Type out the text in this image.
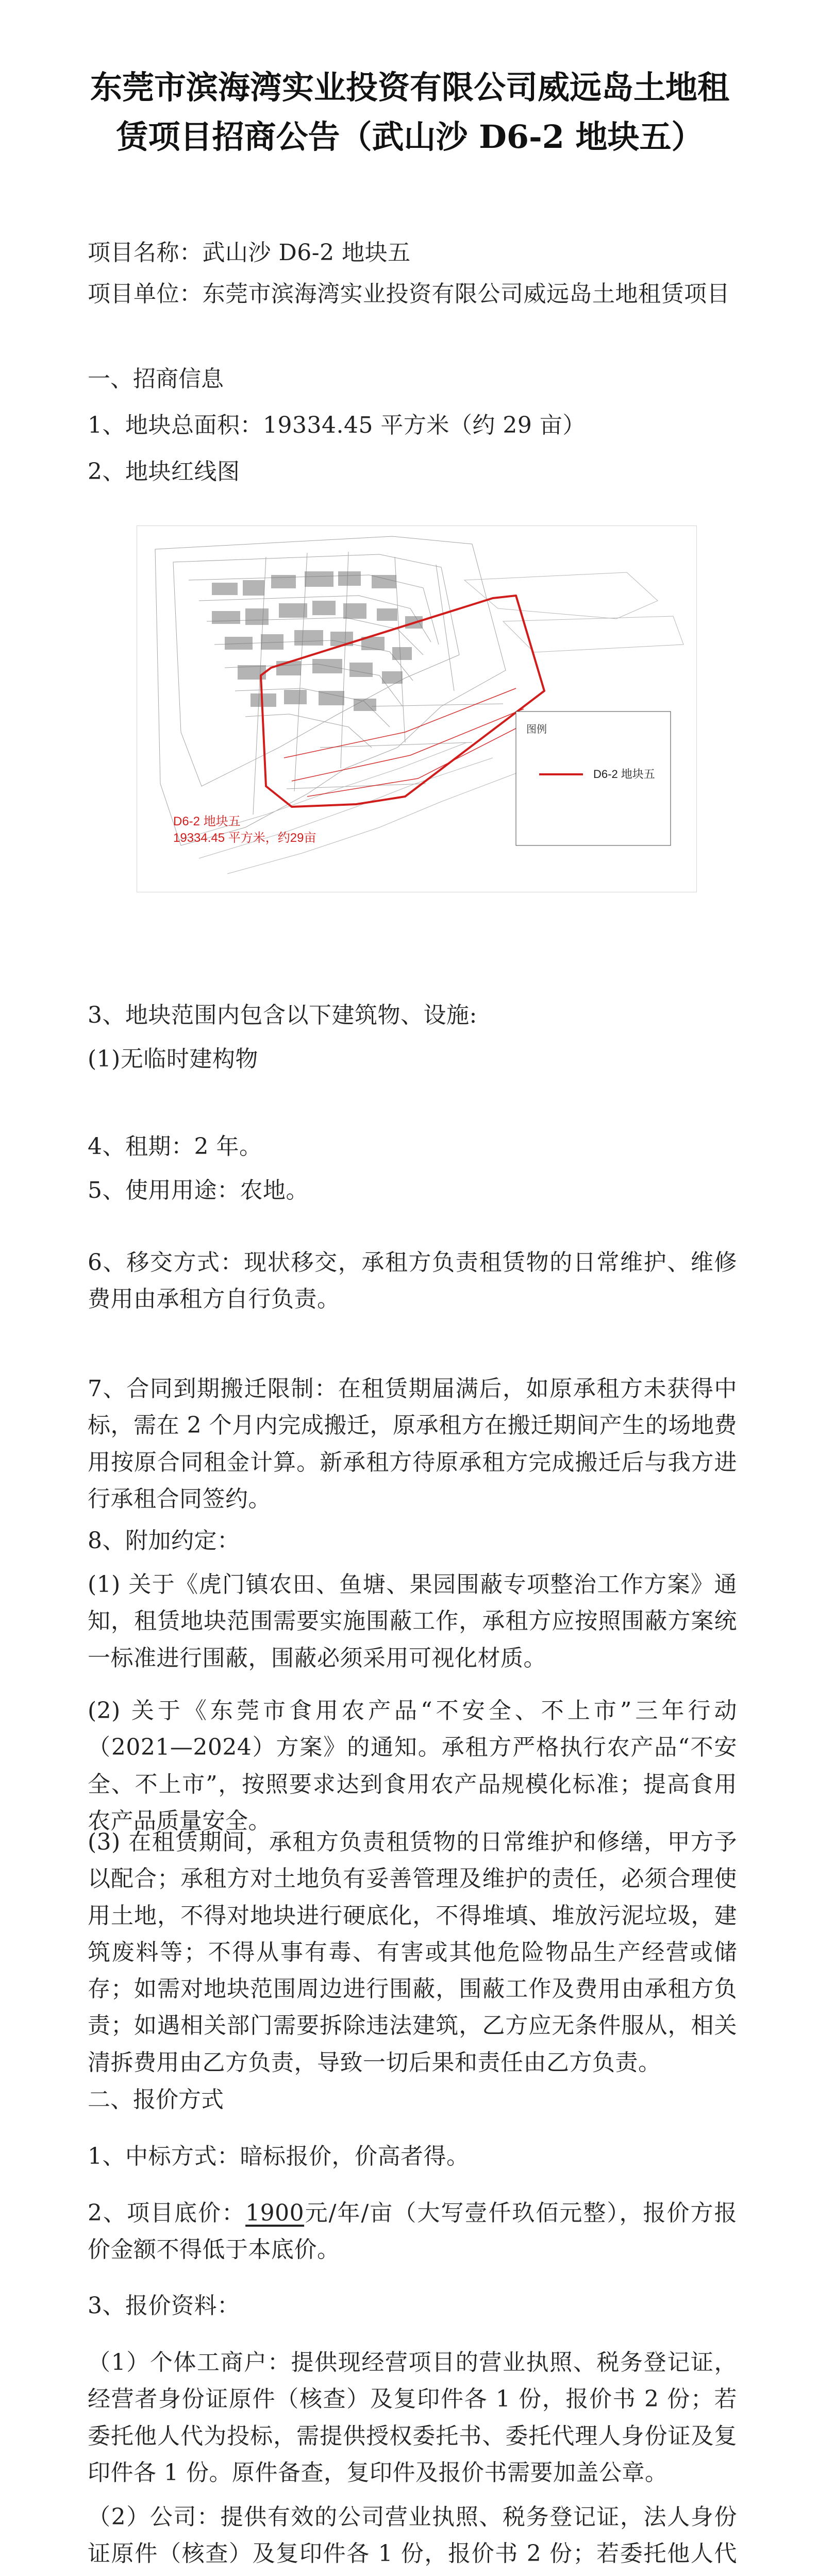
东莞市滨海湾实业投资有限公司威远岛土地租赁项目招商公告（武山沙 D6-2 地块五）
项目名称：武山沙 D6-2 地块五
项目单位：东莞市滨海湾实业投资有限公司威远岛土地租赁项目
一、招商信息
1、地块总面积：19334.45 平方米（约 29 亩）
2、地块红线图
D6-2 地块五
19334.45 平方米，约29亩
图例
D6-2 地块五
3、地块范围内包含以下建筑物、设施:
(1)无临时建构物
4、租期：2 年。
5、使用用途：农地。
6、移交方式：现状移交，承租方负责租赁物的日常维护、维修费用由承租方自行负责。
7、合同到期搬迁限制：在租赁期届满后，如原承租方未获得中标，需在 2 个月内完成搬迁，原承租方在搬迁期间产生的场地费用按原合同租金计算。新承租方待原承租方完成搬迁后与我方进行承租合同签约。
8、附加约定：
(1) 关于《虎门镇农田、鱼塘、果园围蔽专项整治工作方案》通知，租赁地块范围需要实施围蔽工作，承租方应按照围蔽方案统一标准进行围蔽，围蔽必须采用可视化材质。
(2) 关于《东莞市食用农产品“不安全、不上市”三年行动（2021—2024）方案》的通知。承租方严格执行农产品“不安全、不上市”，按照要求达到食用农产品规模化标准；提高食用农产品质量安全。
(3) 在租赁期间，承租方负责租赁物的日常维护和修缮，甲方予以配合；承租方对土地负有妥善管理及维护的责任，必须合理使用土地，不得对地块进行硬底化，不得堆填、堆放污泥垃圾，建筑废料等；不得从事有毒、有害或其他危险物品生产经营或储存；如需对地块范围周边进行围蔽，围蔽工作及费用由承租方负责；如遇相关部门需要拆除违法建筑，乙方应无条件服从，相关清拆费用由乙方负责，导致一切后果和责任由乙方负责。
二、报价方式
1、中标方式：暗标报价，价高者得。
2、项目底价：1900元/年/亩（大写壹仟玖佰元整），报价方报价金额不得低于本底价。
3、报价资料：
（1）个体工商户：提供现经营项目的营业执照、税务登记证，经营者身份证原件（核查）及复印件各 1 份，报价书 2 份；若委托他人代为投标，需提供授权委托书、委托代理人身份证及复印件各 1 份。原件备查，复印件及报价书需要加盖公章。
（2）公司：提供有效的公司营业执照、税务登记证，法人身份证原件（核查）及复印件各 1 份，报价书 2 份；若委托他人代
